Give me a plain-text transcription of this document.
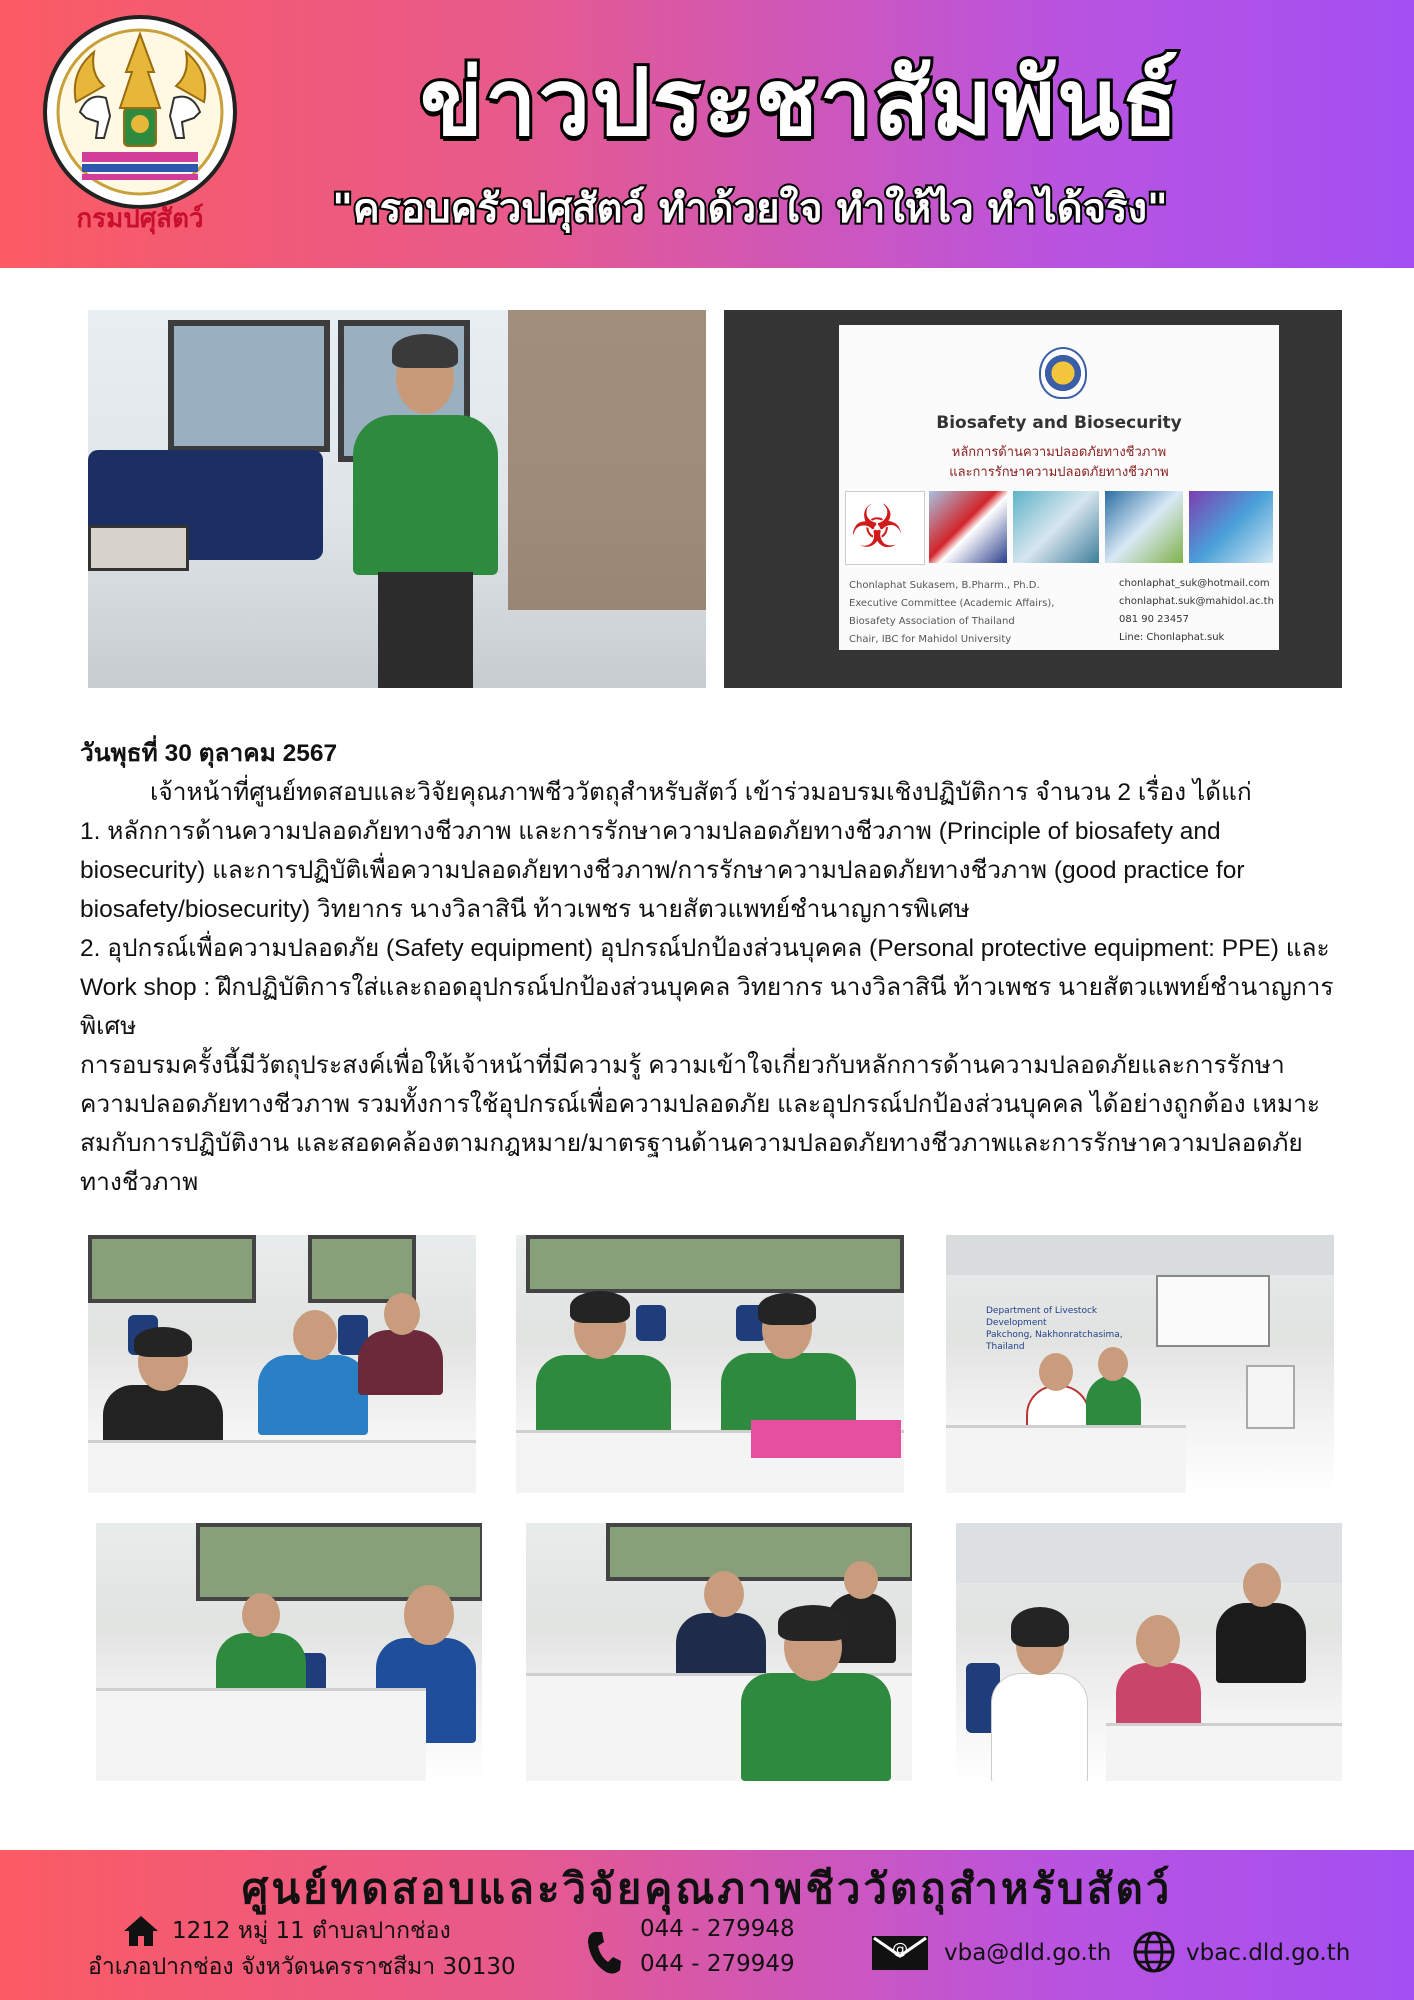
กรมปศุสัตว์
ข่าวประชาสัมพันธ์
"ครอบครัวปศุสัตว์ ทำด้วยใจ ทำให้ไว ทำได้จริง"
Biosafety and Biosecurity
หลักการด้านความปลอดภัยทางชีวภาพ
และการรักษาความปลอดภัยทางชีวภาพ
☣
Chonlaphat Sukasem, B.Pharm., Ph.D.
Executive Committee (Academic Affairs),
Biosafety Association of Thailand
Chair, IBC for Mahidol University
chonlaphat_suk@hotmail.com
chonlaphat.suk@mahidol.ac.th
081 90 23457
Line: Chonlaphat.suk

วันพุธที่ 30 ตุลาคม 2567

เจ้าหน้าที่ศูนย์ทดสอบและวิจัยคุณภาพชีววัตถุสำหรับสัตว์ เข้าร่วมอบรมเชิงปฏิบัติการ จำนวน 2 เรื่อง ได้แก่

1. หลักการด้านความปลอดภัยทางชีวภาพ และการรักษาความปลอดภัยทางชีวภาพ (Principle of biosafety and biosecurity) และการปฏิบัติเพื่อความปลอดภัยทางชีวภาพ/การรักษาความปลอดภัยทางชีวภาพ (good practice for biosafety/biosecurity) วิทยากร นางวิลาสินี ท้าวเพชร นายสัตวแพทย์ชำนาญการพิเศษ

2. อุปกรณ์เพื่อความปลอดภัย (Safety equipment) อุปกรณ์ปกป้องส่วนบุคคล (Personal protective equipment: PPE) และ Work shop : ฝึกปฏิบัติการใส่และถอดอุปกรณ์ปกป้องส่วนบุคคล วิทยากร นางวิลาสินี ท้าวเพชร นายสัตวแพทย์ชำนาญการพิเศษ

การอบรมครั้งนี้มีวัตถุประสงค์เพื่อให้เจ้าหน้าที่มีความรู้ ความเข้าใจเกี่ยวกับหลักการด้านความปลอดภัยและการรักษาความปลอดภัยทางชีวภาพ รวมทั้งการใช้อุปกรณ์เพื่อความปลอดภัย และอุปกรณ์ปกป้องส่วนบุคคล ได้อย่างถูกต้อง เหมาะสมกับการปฏิบัติงาน และสอดคล้องตามกฎหมาย/มาตรฐานด้านความปลอดภัยทางชีวภาพและการรักษาความปลอดภัยทางชีวภาพ

Department of Livestock Development
Pakchong, Nakhonratchasima, Thailand
ศูนย์ทดสอบและวิจัยคุณภาพชีววัตถุสำหรับสัตว์
1212 หมู่ 11 ตำบลปากช่อง
อำเภอปากช่อง จังหวัดนครราชสีมา 30130
044 - 279948
044 - 279949
@ vba@dld.go.th	vbac.dld.go.th
